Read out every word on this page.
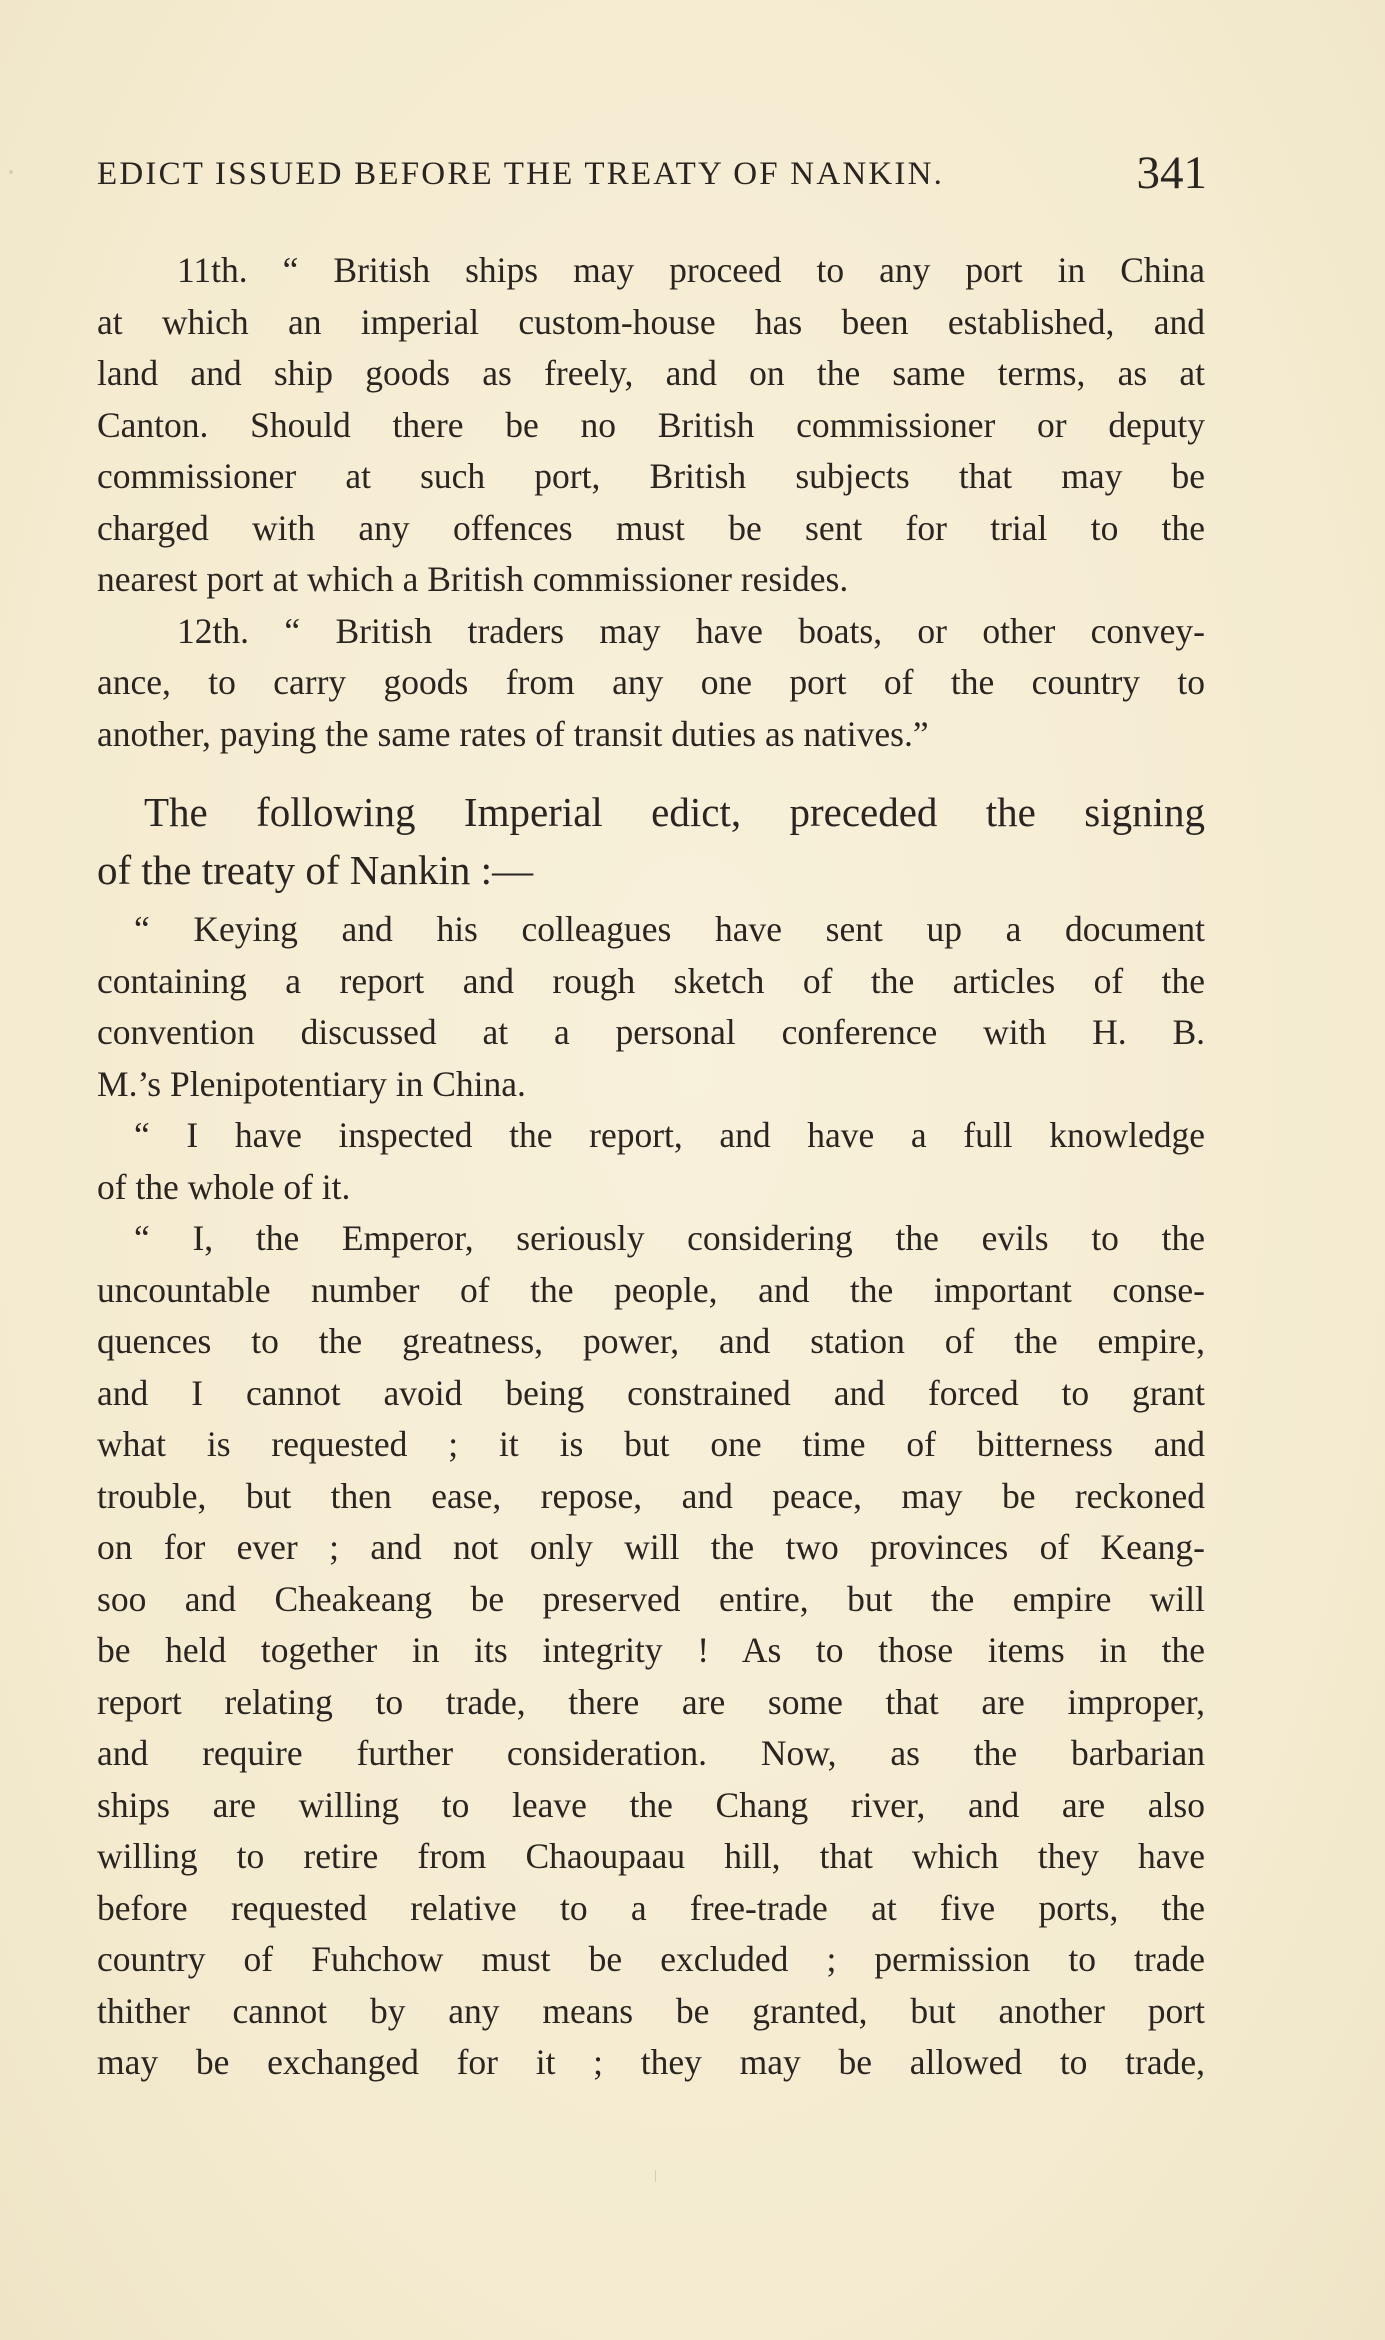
EDICT ISSUED BEFORE THE TREATY OF NANKIN.	341
11th. “ British ships may proceed to any port in China
at which an imperial custom-house has been established, and
land and ship goods as freely, and on the same terms, as at
Canton. Should there be no British commissioner or deputy
commissioner at such port, British subjects that may be
charged with any offences must be sent for trial to the
nearest port at which a British commissioner resides.
12th. “ British traders may have boats, or other convey-
ance, to carry goods from any one port of the country to
another, paying the same rates of transit duties as natives.”
The following Imperial edict, preceded the signing
of the treaty of Nankin :—
“ Keying and his colleagues have sent up a document
containing a report and rough sketch of the articles of the
convention discussed at a personal conference with H. B.
M.’s Plenipotentiary in China.
“ I have inspected the report, and have a full knowledge
of the whole of it.
“ I, the Emperor, seriously considering the evils to the
uncountable number of the people, and the important conse-
quences to the greatness, power, and station of the empire,
and I cannot avoid being constrained and forced to grant
what is requested ; it is but one time of bitterness and
trouble, but then ease, repose, and peace, may be reckoned
on for ever ; and not only will the two provinces of Keang-
soo and Cheakeang be preserved entire, but the empire will
be held together in its integrity ! As to those items in the
report relating to trade, there are some that are improper,
and require further consideration. Now, as the barbarian
ships are willing to leave the Chang river, and are also
willing to retire from Chaoupaau hill, that which they have
before requested relative to a free-trade at five ports, the
country of Fuhchow must be excluded ; permission to trade
thither cannot by any means be granted, but another port
may be exchanged for it ; they may be allowed to trade,
